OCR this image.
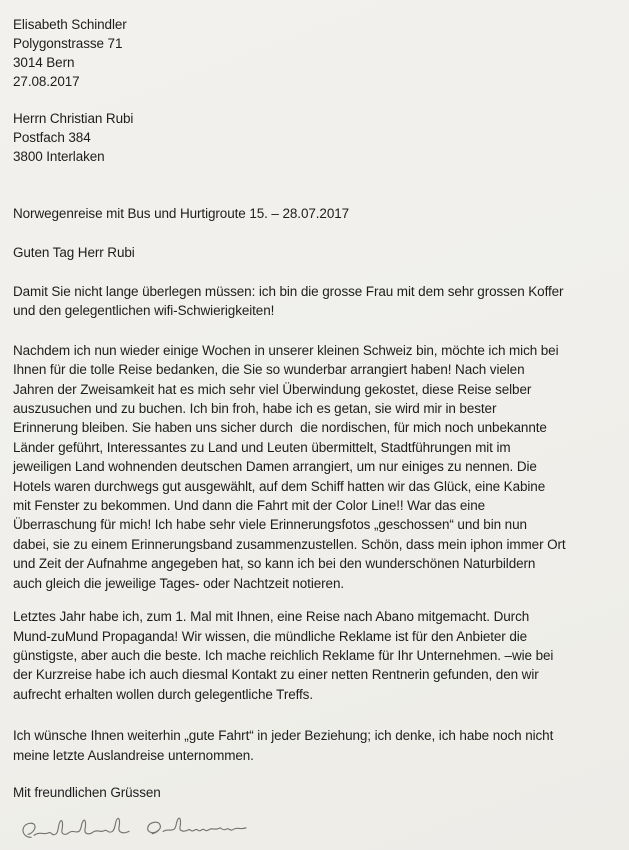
Elisabeth Schindler
Polygonstrasse 71
3014 Bern
27.08.2017
Herrn Christian Rubi
Postfach 384
3800 Interlaken
Norwegenreise mit Bus und Hurtigroute 15. – 28.07.2017
Guten Tag Herr Rubi
Damit Sie nicht lange überlegen müssen: ich bin die grosse Frau mit dem sehr grossen Koffer
und den gelegentlichen wifi-Schwierigkeiten!
Nachdem ich nun wieder einige Wochen in unserer kleinen Schweiz bin, möchte ich mich bei
Ihnen für die tolle Reise bedanken, die Sie so wunderbar arrangiert haben! Nach vielen
Jahren der Zweisamkeit hat es mich sehr viel Überwindung gekostet, diese Reise selber
auszusuchen und zu buchen. Ich bin froh, habe ich es getan, sie wird mir in bester
Erinnerung bleiben. Sie haben uns sicher durch  die nordischen, für mich noch unbekannte
Länder geführt, Interessantes zu Land und Leuten übermittelt, Stadtführungen mit im
jeweiligen Land wohnenden deutschen Damen arrangiert, um nur einiges zu nennen. Die
Hotels waren durchwegs gut ausgewählt, auf dem Schiff hatten wir das Glück, eine Kabine
mit Fenster zu bekommen. Und dann die Fahrt mit der Color Line!! War das eine
Überraschung für mich! Ich habe sehr viele Erinnerungsfotos „geschossen“ und bin nun
dabei, sie zu einem Erinnerungsband zusammenzustellen. Schön, dass mein iphon immer Ort
und Zeit der Aufnahme angegeben hat, so kann ich bei den wunderschönen Naturbildern
auch gleich die jeweilige Tages- oder Nachtzeit notieren.
Letztes Jahr habe ich, zum 1. Mal mit Ihnen, eine Reise nach Abano mitgemacht. Durch
Mund-zuMund Propaganda! Wir wissen, die mündliche Reklame ist für den Anbieter die
günstigste, aber auch die beste. Ich mache reichlich Reklame für Ihr Unternehmen. –wie bei
der Kurzreise habe ich auch diesmal Kontakt zu einer netten Rentnerin gefunden, den wir
aufrecht erhalten wollen durch gelegentliche Treffs.
Ich wünsche Ihnen weiterhin „gute Fahrt“ in jeder Beziehung; ich denke, ich habe noch nicht
meine letzte Auslandreise unternommen.
Mit freundlichen Grüssen
